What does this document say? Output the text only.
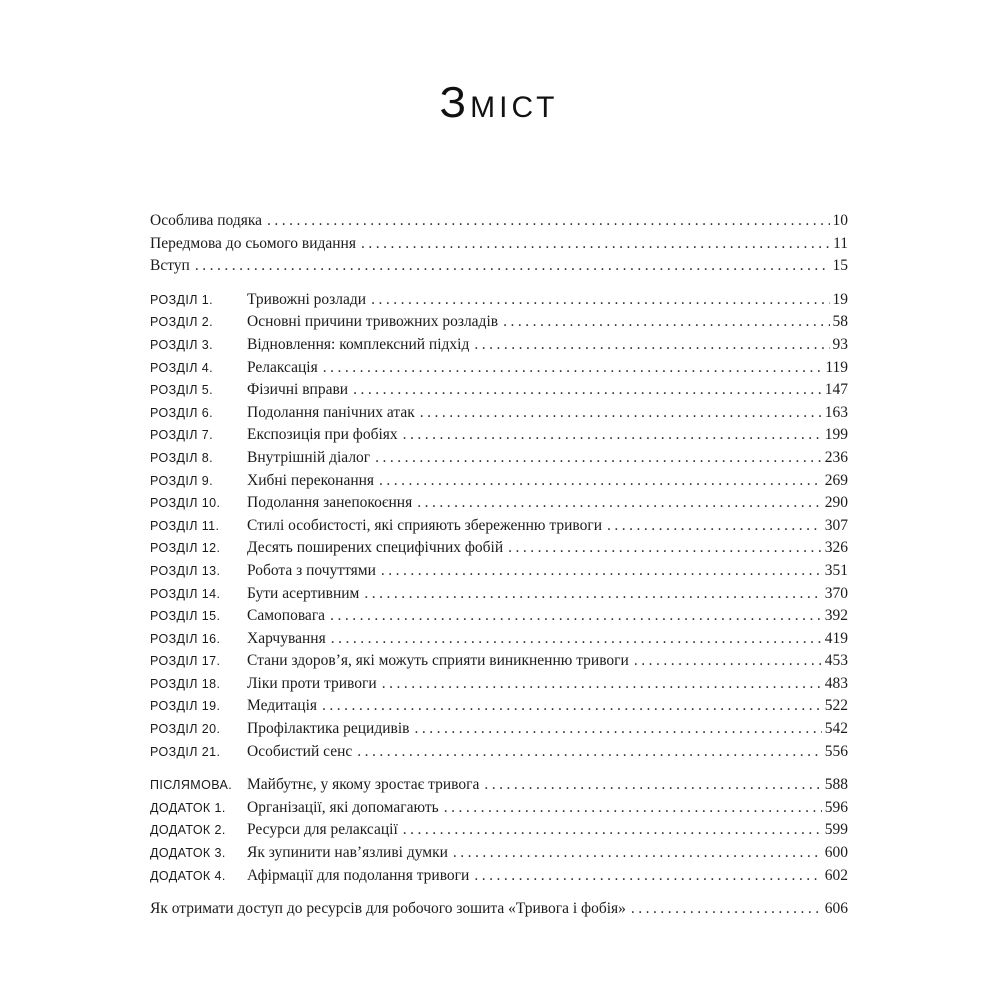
ЗМІСТ
Особлива подяка .....	10
Передмова до сьомого видання .....	11
Вступ .....	15
РОЗДІЛ 1.	Тривожні розлади .....	19
РОЗДІЛ 2.	Основні причини тривожних розладів .....	58
РОЗДІЛ 3.	Відновлення: комплексний підхід .....	93
РОЗДІЛ 4.	Релаксація .....	119
РОЗДІЛ 5.	Фізичні вправи .....	147
РОЗДІЛ 6.	Подолання панічних атак .....	163
РОЗДІЛ 7.	Експозиція при фобіях .....	199
РОЗДІЛ 8.	Внутрішній діалог .....	236
РОЗДІЛ 9.	Хибні переконання .....	269
РОЗДІЛ 10.	Подолання занепокоєння .....	290
РОЗДІЛ 11.	Стилі особистості, які сприяють збереженню тривоги .....	307
РОЗДІЛ 12.	Десять поширених специфічних фобій .....	326
РОЗДІЛ 13.	Робота з почуттями .....	351
РОЗДІЛ 14.	Бути асертивним .....	370
РОЗДІЛ 15.	Самоповага .....	392
РОЗДІЛ 16.	Харчування .....	419
РОЗДІЛ 17.	Стани здоров’я, які можуть сприяти виникненню тривоги .....	453
РОЗДІЛ 18.	Ліки проти тривоги .....	483
РОЗДІЛ 19.	Медитація .....	522
РОЗДІЛ 20.	Профілактика рецидивів .....	542
РОЗДІЛ 21.	Особистий сенс .....	556
ПІСЛЯМОВА. Майбутнє, у якому зростає тривога .....	588
ДОДАТОК 1.	Організації, які допомагають .....	596
ДОДАТОК 2.	Ресурси для релаксації .....	599
ДОДАТОК 3.	Як зупинити нав’язливі думки .....	600
ДОДАТОК 4.	Афірмації для подолання тривоги .....	602
Як отримати доступ до ресурсів для робочого зошита «Тривога і фобія» .....	606
